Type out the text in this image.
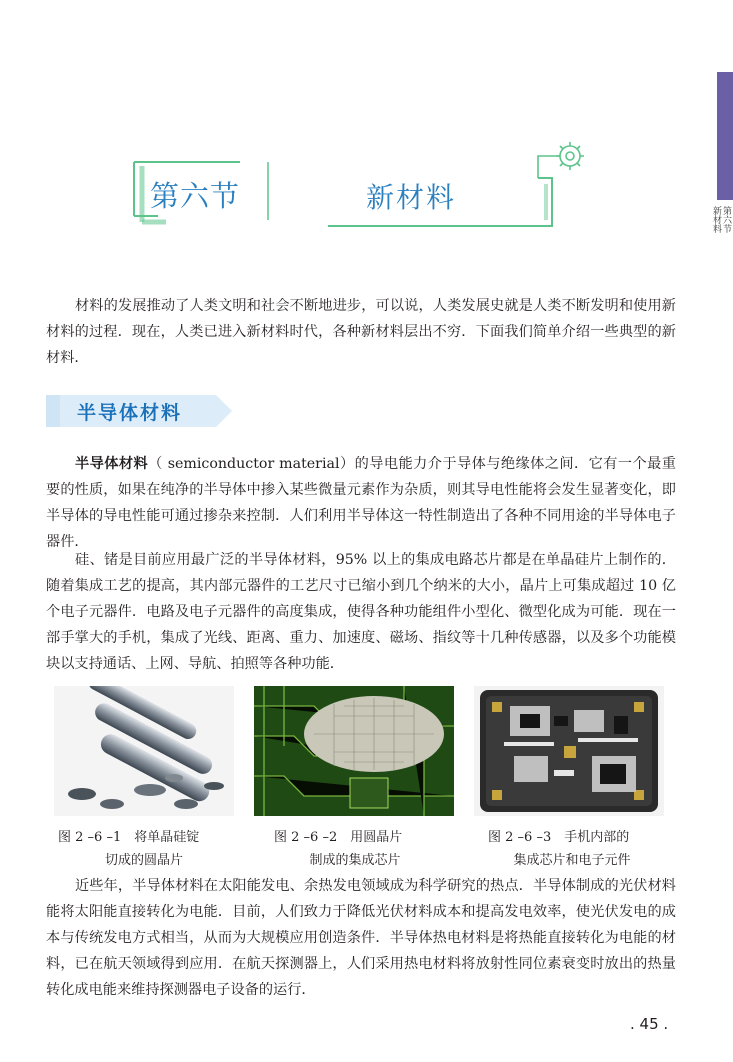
第六节
新材料
第六节	新材料

材料的发展推动了人类文明和社会不断地进步，可以说，人类发展史就是人类不断发明和使用新材料的过程．现在，人类已进入新材料时代，各种新材料层出不穷．下面我们简单介绍一些典型的新材料．

半导体材料

半导体材料（ semiconductor material）的导电能力介于导体与绝缘体之间．它有一个最重要的性质，如果在纯净的半导体中掺入某些微量元素作为杂质，则其导电性能将会发生显著变化，即半导体的导电性能可通过掺杂来控制．人们利用半导体这一特性制造出了各种不同用途的半导体电子器件．

硅、锗是目前应用最广泛的半导体材料，95% 以上的集成电路芯片都是在单晶硅片上制作的．随着集成工艺的提高，其内部元器件的工艺尺寸已缩小到几个纳米的大小，晶片上可集成超过 10 亿个电子元器件．电路及电子元器件的高度集成，使得各种功能组件小型化、微型化成为可能．现在一部手掌大的手机，集成了光线、距离、重力、加速度、磁场、指纹等十几种传感器，以及多个功能模块以支持通话、上网、导航、拍照等各种功能．

图 2 –6 –1　将单晶硅锭
切成的圆晶片
图 2 –6 –2　用圆晶片
制成的集成芯片
图 2 –6 –3　手机内部的
集成芯片和电子元件

近些年，半导体材料在太阳能发电、余热发电领域成为科学研究的热点．半导体制成的光伏材料能将太阳能直接转化为电能．目前，人们致力于降低光伏材料成本和提高发电效率，使光伏发电的成本与传统发电方式相当，从而为大规模应用创造条件．半导体热电材料是将热能直接转化为电能的材料，已在航天领域得到应用．在航天探测器上，人们采用热电材料将放射性同位素衰变时放出的热量转化成电能来维持探测器电子设备的运行．

. 45 .
